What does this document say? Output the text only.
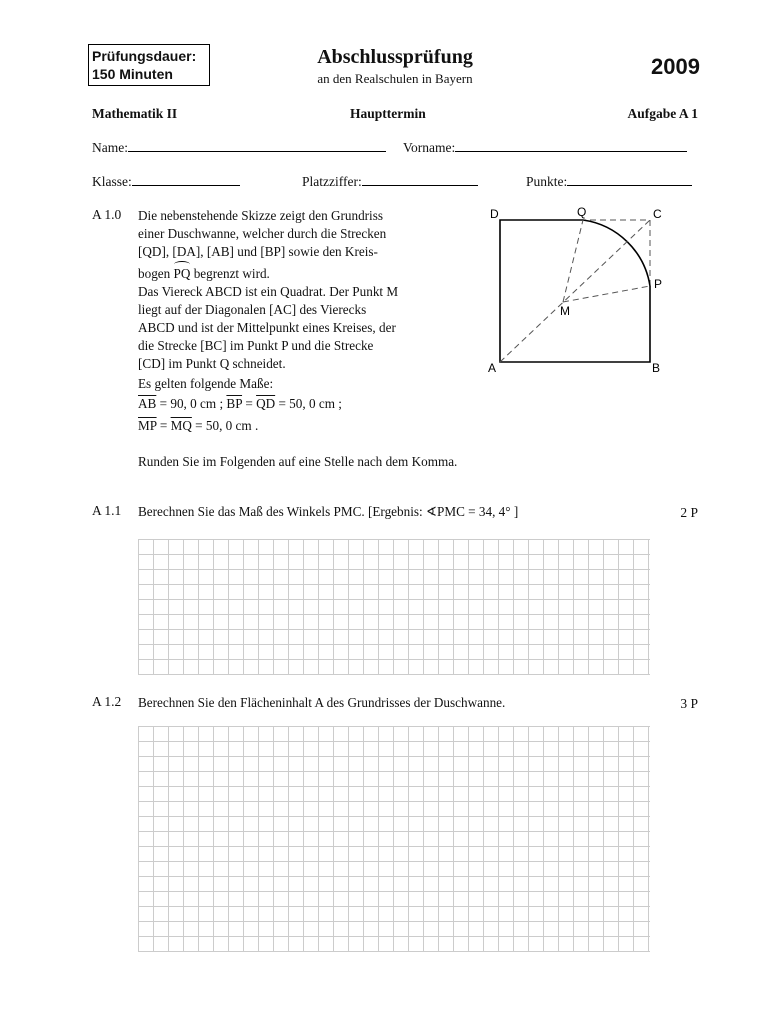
Prüfungsdauer:
150 Minuten
Abschlussprüfung
an den Realschulen in Bayern	2009
Mathematik II	Haupttermin	Aufgabe A 1
Name:	Vorname:
Klasse:	Platzziffer:	Punkte:
A 1.0 Die nebenstehende Skizze zeigt den Grundriss
einer Duschwanne, welcher durch die Strecken
[QD], [DA], [AB] und [BP] sowie den Kreis-
bogen PQ begrenzt wird.
Das Viereck ABCD ist ein Quadrat. Der Punkt M
liegt auf der Diagonalen [AC] des Vierecks
ABCD und ist der Mittelpunkt eines Kreises, der
die Strecke [BC] im Punkt P und die Strecke
[CD] im Punkt Q schneidet.
Es gelten folgende Maße:
$\overline{AB} = 90$, 0 cm ; $\overline{BP} = \overline{QD} = 50$, 0 cm ;
$\overline{MP} = \overline{MQ} = 50$, 0 cm .
Runden Sie im Folgenden auf eine Stelle nach dem Komma.
D	Q	C
P
M
A	B
A 1.1 Berechnen Sie das Maß des Winkels PMC. [Ergebnis: ∢PMC = 34, 4° ]	2 P
A 1.2 Berechnen Sie den Flächeninhalt A des Grundrisses der Duschwanne.	3 P
